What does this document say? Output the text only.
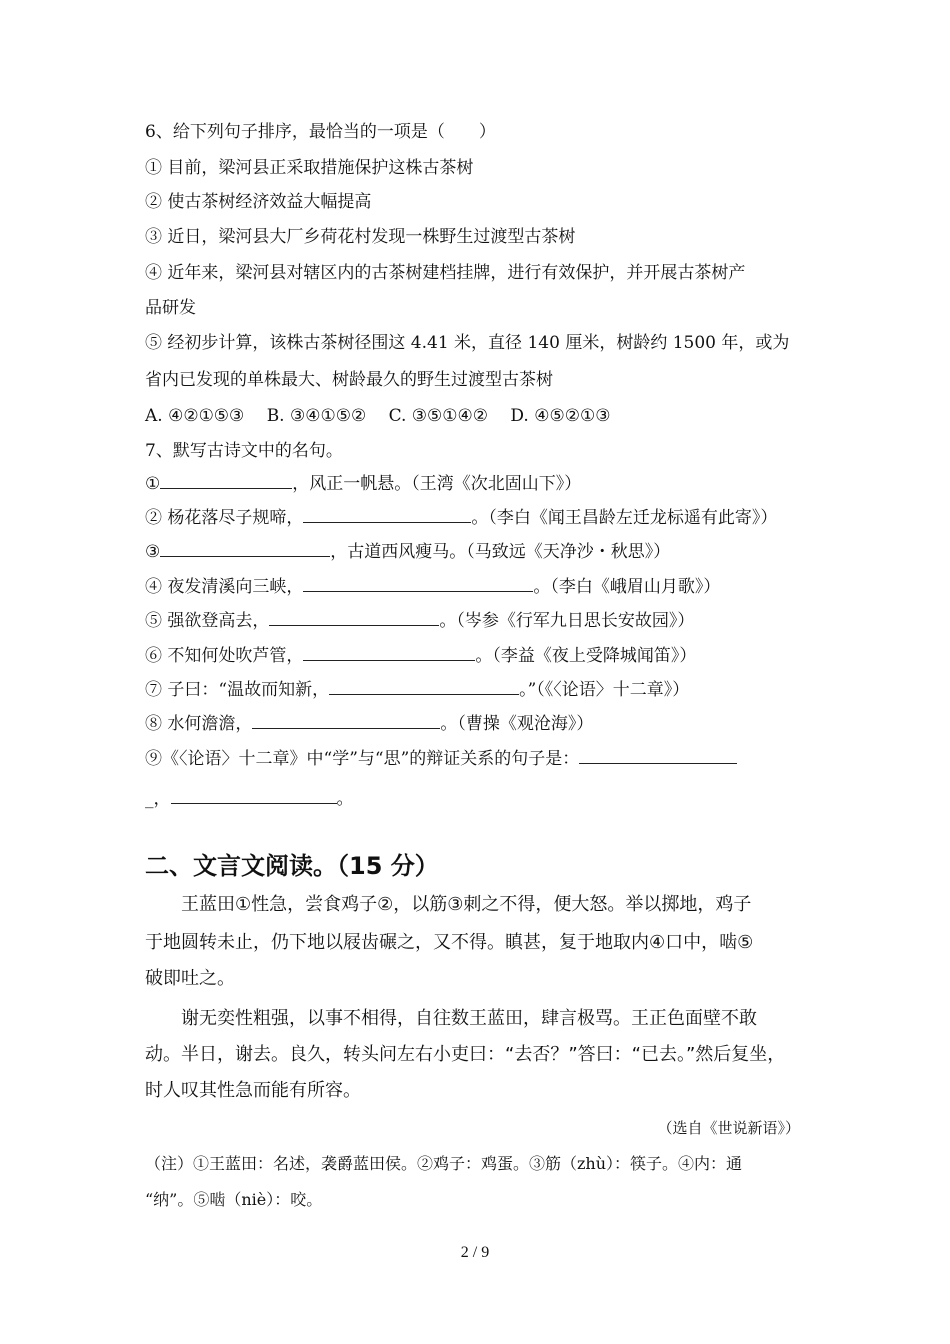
6、给下列句子排序，最恰当的一项是（　　）
① 目前，梁河县正采取措施保护这株古茶树
② 使古茶树经济效益大幅提高
③ 近日，梁河县大厂乡荷花村发现一株野生过渡型古茶树
④ 近年来，梁河县对辖区内的古茶树建档挂牌，进行有效保护，并开展古茶树产
品研发
⑤ 经初步计算，该株古茶树径围这 4.41 米，直径 140 厘米，树龄约 1500 年，或为
省内已发现的单株最大、树龄最久的野生过渡型古茶树
A. ④②①⑤③　 B. ③④①⑤②　 C. ③⑤①④②　 D. ④⑤②①③
7、默写古诗文中的名句。
①	，风正一帆悬。（王湾《次北固山下》）
② 杨花落尽子规啼，	。（李白《闻王昌龄左迁龙标遥有此寄》）
③	，古道西风瘦马。（马致远《天净沙・秋思》）
④ 夜发清溪向三峡，	。（李白《峨眉山月歌》）
⑤ 强欲登高去，	。（岑参《行军九日思长安故园》）
⑥ 不知何处吹芦管，	。（李益《夜上受降城闻笛》）
⑦ 子曰：“温故而知新，	。”（《〈论语〉十二章》）
⑧ 水何澹澹，	。（曹操《观沧海》）
⑨《〈论语〉十二章》中“学”与“思”的辩证关系的句子是：
_，	。
二、文言文阅读。（15 分）
　　王蓝田①性急，尝食鸡子②，以筋③刺之不得，便大怒。举以掷地，鸡子
于地圆转未止，仍下地以屐齿碾之，又不得。瞋甚，复于地取内④口中，啮⑤
破即吐之。
　　谢无奕性粗强，以事不相得，自往数王蓝田，肆言极骂。王正色面壁不敢
动。半日，谢去。良久，转头问左右小吏曰：“去否？”答曰：“已去。”然后复坐，
时人叹其性急而能有所容。
（选自《世说新语》）
（注）①王蓝田：名述，袭爵蓝田侯。②鸡子：鸡蛋。③筋（zhù）：筷子。④内：通
“纳”。⑤啮（niè）：咬。
2 / 9
